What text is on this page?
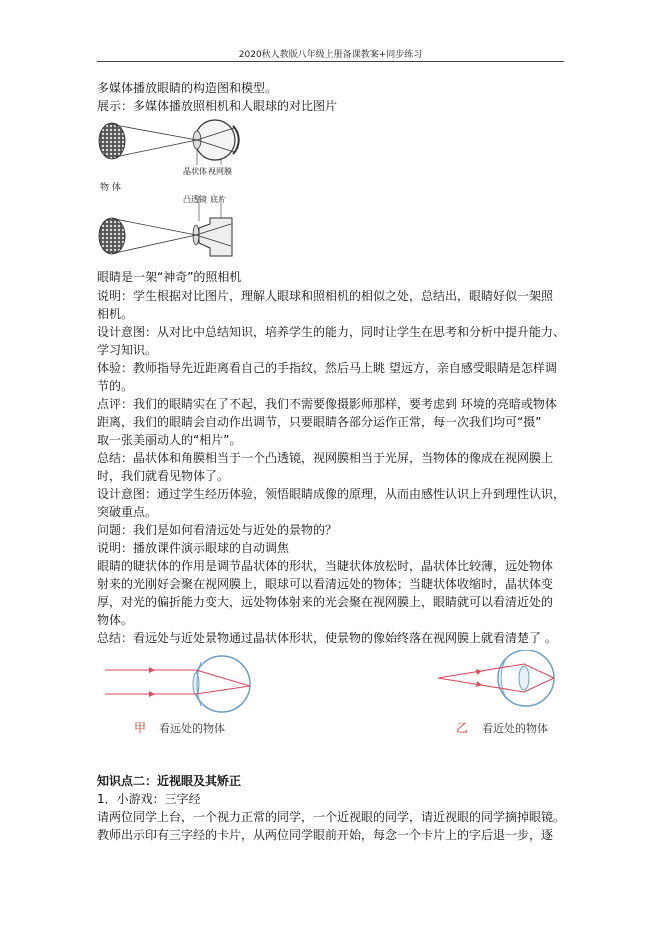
2020秋人教版八年级上册备课教案+同步练习
多媒体播放眼睛的构造图和模型。
展示：多媒体播放照相机和人眼球的对比图片
晶状体 视网膜
物 体
凸透镜 底片
眼睛是一架“神奇”的照相机
说明：学生根据对比图片，理解人眼球和照相机的相似之处，总结出，眼睛好似一架照
相机。
设计意图：从对比中总结知识，培养学生的能力，同时让学生在思考和分析中提升能力、
学习知识。
体验：教师指导先近距离看自己的手指纹，然后马上眺 望远方，亲自感受眼睛是怎样调
节的。
点评：我们的眼睛实在了不起，我们不需要像摄影师那样，要考虑到 环境的亮暗或物体
距离，我们的眼睛会自动作出调节，只要眼睛各部分运作正常，每一次我们均可“摄”
取一张美丽动人的“相片”。
总结：晶状体和角膜相当于一个凸透镜，视网膜相当于光屏，当物体的像成在视网膜上
时，我们就看见物体了。
设计意图：通过学生经历体验，领悟眼睛成像的原理，从而由感性认识上升到理性认识，
突破重点。
问题：我们是如何看清远处与近处的景物的？
说明：播放课件演示眼球的自动调焦
眼睛的睫状体的作用是调节晶状体的形状，当睫状体放松时，晶状体比较薄，远处物体
射来的光刚好会聚在视网膜上，眼球可以看清远处的物体；当睫状体收缩时，晶状体变
厚，对光的偏折能力变大，远处物体射来的光会聚在视网膜上，眼睛就可以看清近处的
物体。
总结：看远处与近处景物通过晶状体形状，使景物的像始终落在视网膜上就看清楚了 。
甲 看远处的物体	乙 看近处的物体
知识点二：近视眼及其矫正
1．小游戏：三字经
请两位同学上台，一个视力正常的同学，一个近视眼的同学，请近视眼的同学摘掉眼镜。
教师出示印有三字经的卡片，从两位同学眼前开始，每念一个卡片上的字后退一步，逐
